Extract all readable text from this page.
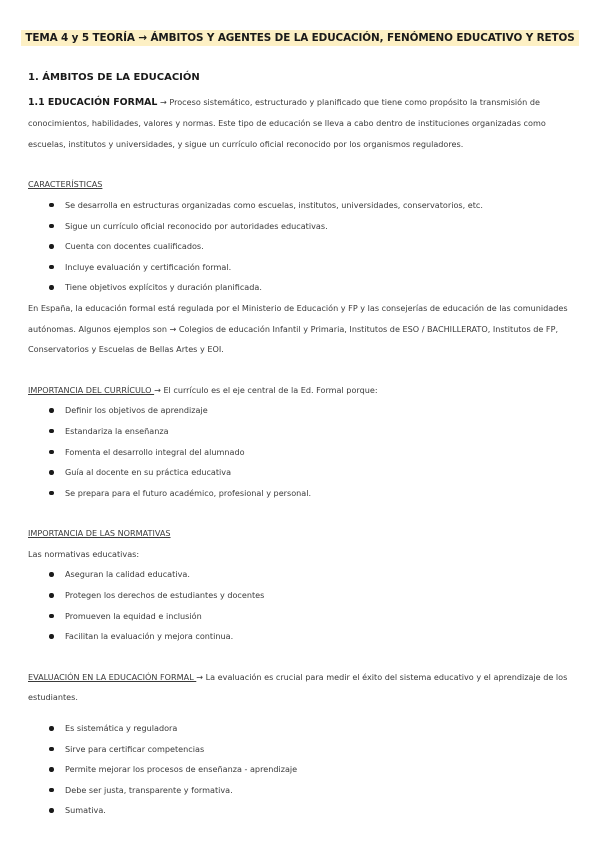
TEMA 4 y 5 TEORÍA → ÁMBITOS Y AGENTES DE LA EDUCACIÓN, FENÓMENO EDUCATIVO Y RETOS
1. ÁMBITOS DE LA EDUCACIÓN

1.1 EDUCACIÓN FORMAL → Proceso sistemático, estructurado y planificado que tiene como propósito la transmisión de conocimientos, habilidades, valores y normas. Este tipo de educación se lleva a cabo dentro de instituciones organizadas como escuelas, institutos y universidades, y sigue un currículo oficial reconocido por los organismos reguladores.

CARACTERÍSTICAS

Se desarrolla en estructuras organizadas como escuelas, institutos, universidades, conservatorios, etc.
Sigue un currículo oficial reconocido por autoridades educativas.
Cuenta con docentes cualificados.
Incluye evaluación y certificación formal.
Tiene objetivos explícitos y duración planificada.

En España, la educación formal está regulada por el Ministerio de Educación y FP y las consejerías de educación de las comunidades autónomas. Algunos ejemplos son → Colegios de educación Infantil y Primaria, Institutos de ESO / BACHILLERATO, Institutos de FP, Conservatorios y Escuelas de Bellas Artes y EOI.

IMPORTANCIA DEL CURRÍCULO → El currículo es el eje central de la Ed. Formal porque:

Definir los objetivos de aprendizaje
Estandariza la enseñanza
Fomenta el desarrollo integral del alumnado
Guía al docente en su práctica educativa
Se prepara para el futuro académico, profesional y personal.

IMPORTANCIA DE LAS NORMATIVAS

Las normativas educativas:

Aseguran la calidad educativa.
Protegen los derechos de estudiantes y docentes
Promueven la equidad e inclusión
Facilitan la evaluación y mejora continua.

EVALUACIÓN EN LA EDUCACIÓN FORMAL → La evaluación es crucial para medir el éxito del sistema educativo y el aprendizaje de los estudiantes.

Es sistemática y reguladora
Sirve para certificar competencias
Permite mejorar los procesos de enseñanza - aprendizaje
Debe ser justa, transparente y formativa.
Sumativa.
